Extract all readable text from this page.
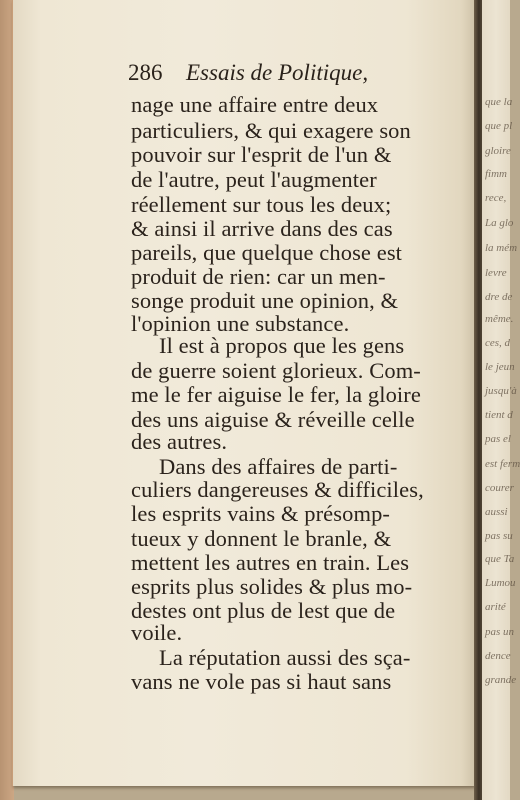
286 Essais de Politique,
nage une affaire entre deux
particuliers, & qui exagere son
pouvoir sur l'esprit de l'un &
de l'autre, peut l'augmenter
réellement sur tous les deux;
& ainsi il arrive dans des cas
pareils, que quelque chose est
produit de rien: car un men-
songe produit une opinion, &
l'opinion une substance.
Il est à propos que les gens
de guerre soient glorieux. Com-
me le fer aiguise le fer, la gloire
des uns aiguise & réveille celle
des autres.
Dans des affaires de parti-
culiers dangereuses & difficiles,
les esprits vains & présomp-
tueux y donnent le branle, &
mettent les autres en train. Les
esprits plus solides & plus mo-
destes ont plus de lest que de
voile.
La réputation aussi des sça-
vans ne vole pas si haut sans
que la
que pl
gloire
fimm
rece,
La glo
la mém
levre
dre de
même.
ces, d
le jeun
jusqu'à
tient d
pas el
est ferm
courer
aussi
pas su
que Ta
Lumou
arité
pas un
dence
grande
